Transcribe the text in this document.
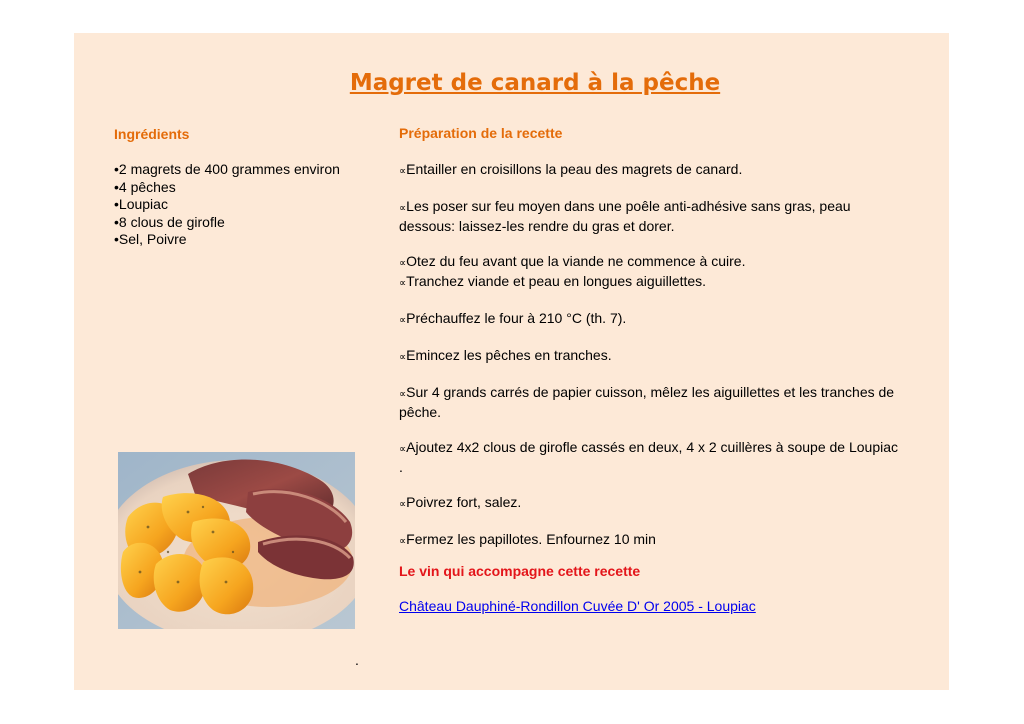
Magret de canard à la pêche
Ingrédients
•2 magrets de 400 grammes environ
•4 pêches
•Loupiac
•8 clous de girofle
•Sel, Poivre
Préparation de la recette
∝Entailler en croisillons la peau des magrets de canard.
∝Les poser sur feu moyen dans une poêle anti-adhésive sans gras, peau dessous: laissez-les rendre du gras et dorer.
∝Otez du feu avant que la viande ne commence à cuire.
∝Tranchez viande et peau en longues aiguillettes.
∝Préchauffez le four à 210 °C (th. 7).
∝Emincez les pêches en tranches.
∝Sur 4 grands carrés de papier cuisson, mêlez les aiguillettes et les tranches de pêche.
∝Ajoutez 4x2 clous de girofle cassés en deux, 4 x 2 cuillères à soupe de Loupiac .
∝Poivrez fort, salez.
∝Fermez les papillotes. Enfournez 10 min
Le vin qui accompagne cette recette
Château Dauphiné-Rondillon Cuvée D' Or 2005 - Loupiac
.
